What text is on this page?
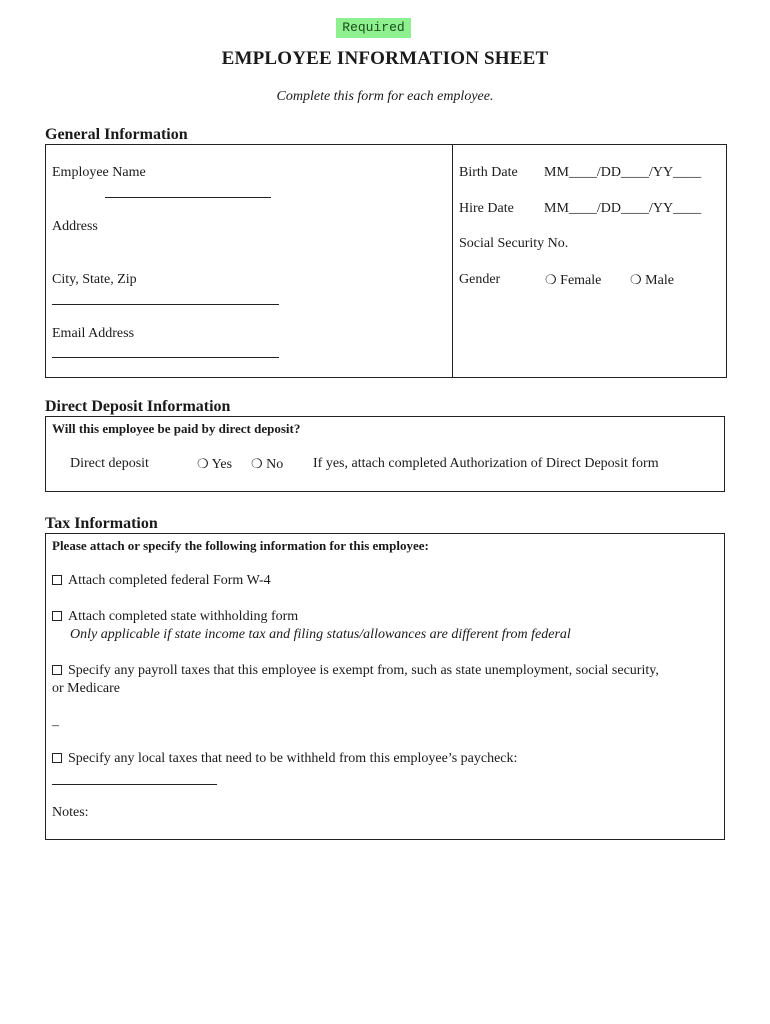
Required
EMPLOYEE INFORMATION SHEET
Complete this form for each employee.
General Information
Employee Name
Address
City, State, Zip
Email Address
Birth Date MM____/DD____/YY____
Hire Date MM____/DD____/YY____
Social Security No.
Gender	❍ Female ❍ Male
Direct Deposit Information
Will this employee be paid by direct deposit?
Direct deposit	❍ Yes ❍ No If yes, attach completed Authorization of Direct Deposit form
Tax Information
Please attach or specify the following information for this employee:
Attach completed federal Form W-4
Attach completed state withholding form
Only applicable if state income tax and filing status/allowances are different from federal
Specify any payroll taxes that this employee is exempt from, such as state unemployment, social security,
or Medicare
–
Specify any local taxes that need to be withheld from this employee’s paycheck:
Notes:
